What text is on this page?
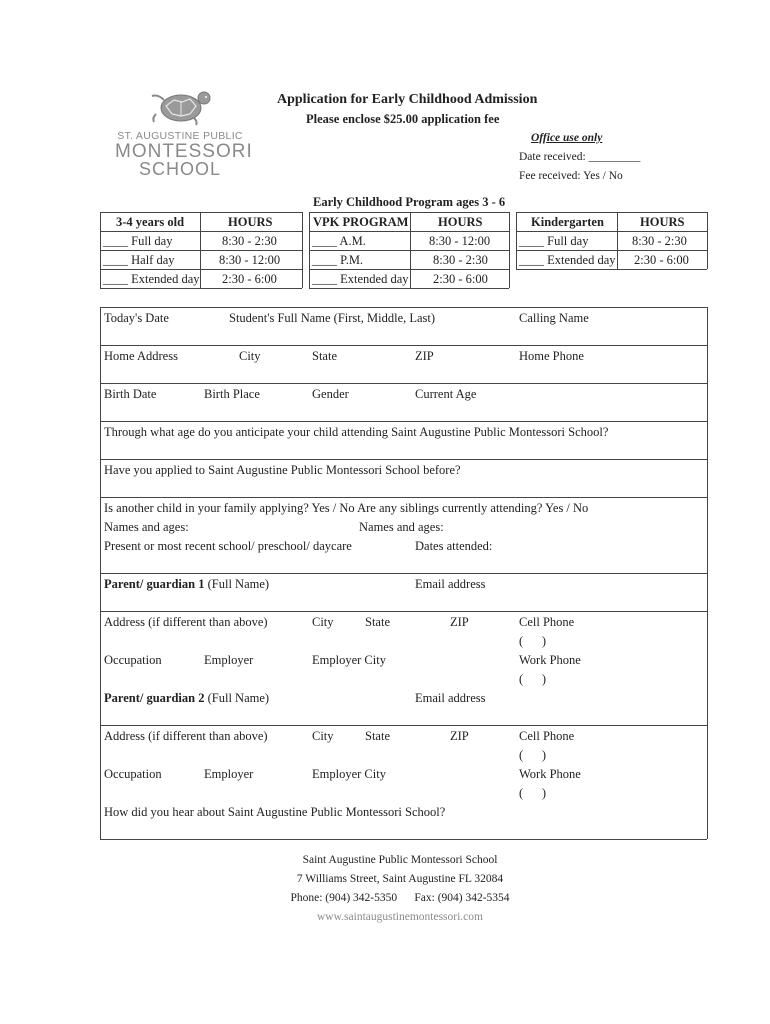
ST. AUGUSTINE PUBLIC
MONTESSORI
SCHOOL
Application for Early Childhood Admission
Please enclose $25.00 application fee
Office use only
Date received: _________
Fee received: Yes / No
Early Childhood Program ages 3 - 6
3-4 years old	HOURS
____ Full day	8:30 - 2:30
____ Half day	8:30 - 12:00
____ Extended day 2:30 - 6:00
VPK PROGRAM HOURS
____ A.M.	8:30 - 12:00
____ P.M.	8:30 - 2:30
____ Extended day 2:30 - 6:00
Kindergarten	HOURS
____ Full day	8:30 - 2:30
____ Extended day 2:30 - 6:00
Today's Date	Student's Full Name (First, Middle, Last)	Calling Name
Home Address	City	State	ZIP	Home Phone
Birth Date	Birth Place	Gender	Current Age
Through what age do you anticipate your child attending Saint Augustine Public Montessori School?
Have you applied to Saint Augustine Public Montessori School before?
Is another child in your family applying? Yes / No Are any siblings currently attending? Yes / No
Names and ages:	Names and ages:
Present or most recent school/ preschool/ daycare	Dates attended:
Parent/ guardian 1 (Full Name)	Email address
Address (if different than above)	City	State	ZIP	Cell Phone
(      )
Occupation	Employer	Employer City	Work Phone
(      )
Parent/ guardian 2 (Full Name)	Email address
Address (if different than above)	City	State	ZIP	Cell Phone
(      )
Occupation	Employer	Employer City	Work Phone
(      )
How did you hear about Saint Augustine Public Montessori School?
Saint Augustine Public Montessori School
7 Williams Street, Saint Augustine FL 32084
Phone: (904) 342-5350      Fax: (904) 342-5354
www.saintaugustinemontessori.com
